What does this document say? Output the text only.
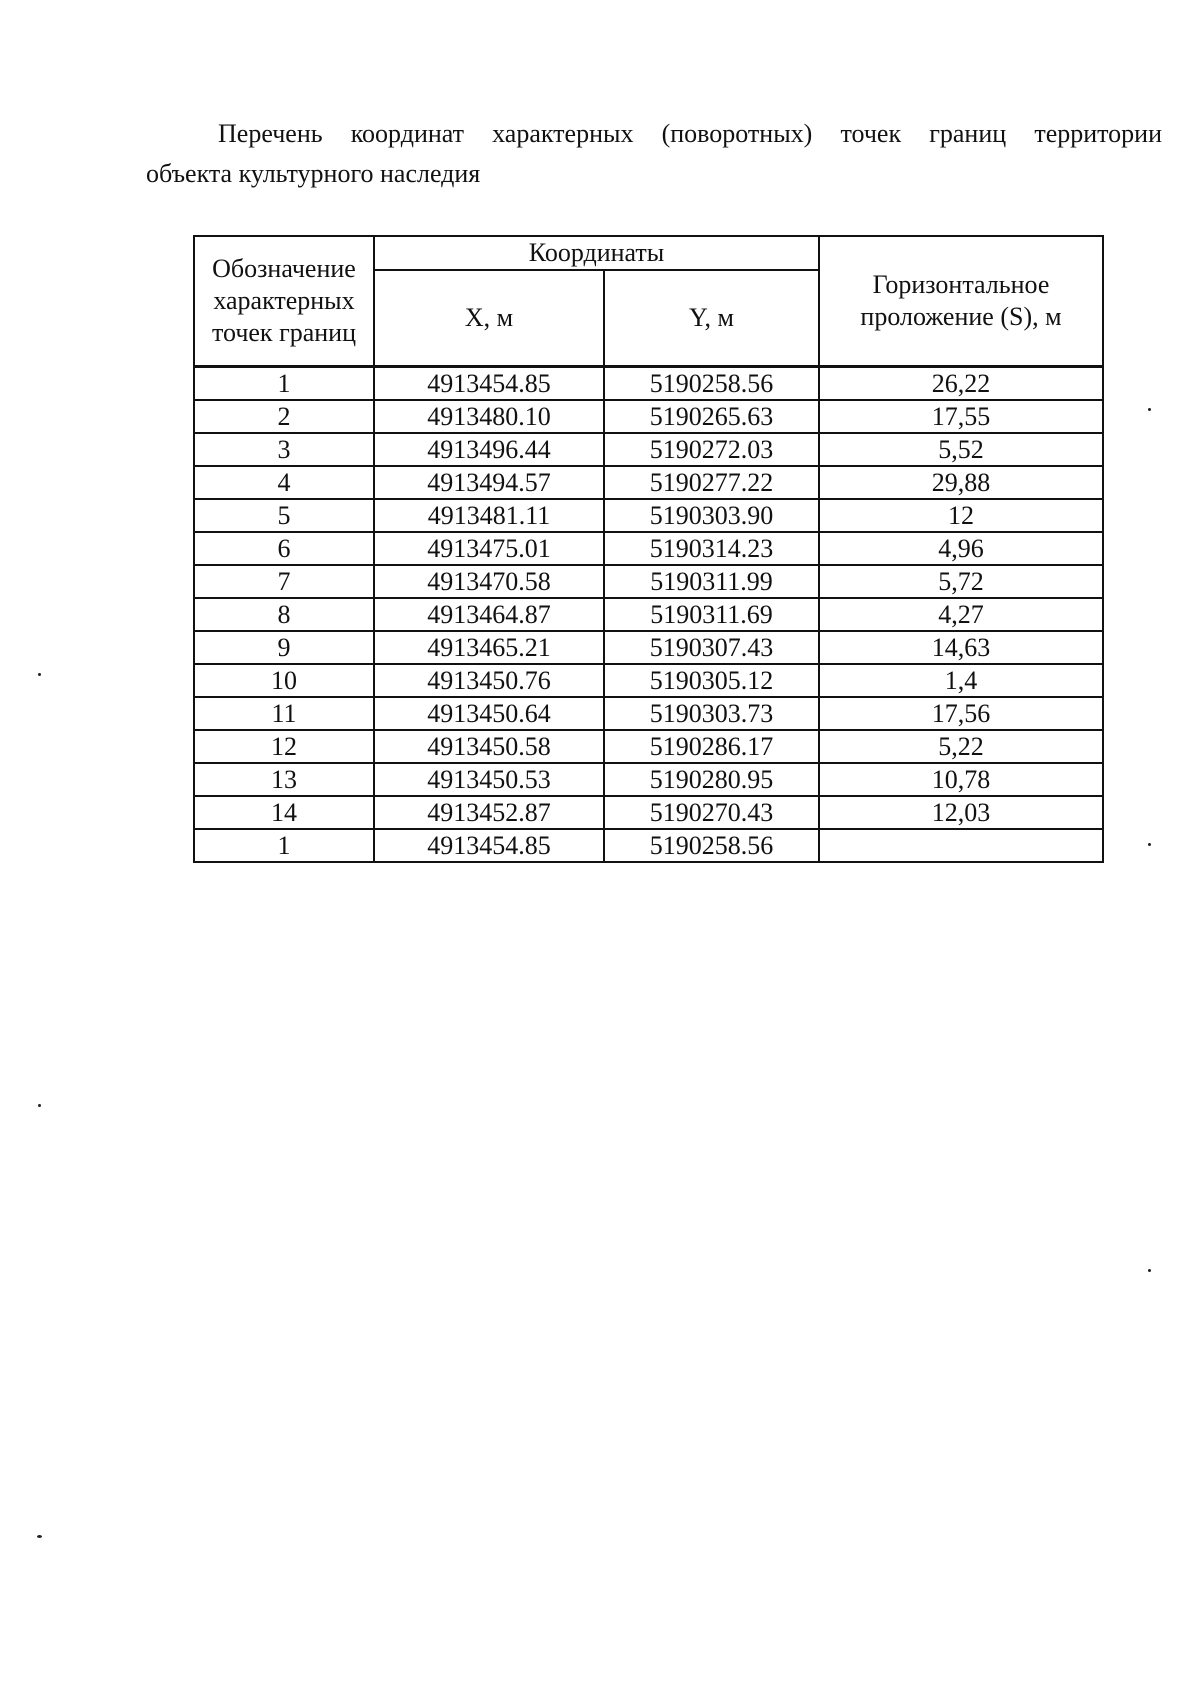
Перечень координат характерных (поворотных) точек границ территории
объекта культурного наследия
Обозначение характерных точек границ	Координаты		Горизонтальное проложение (S), м
	X, м	Y, м	
1	4913454.85	5190258.56	26,22
2	4913480.10	5190265.63	17,55
3	4913496.44	5190272.03	5,52
4	4913494.57	5190277.22	29,88
5	4913481.11	5190303.90	12
6	4913475.01	5190314.23	4,96
7	4913470.58	5190311.99	5,72
8	4913464.87	5190311.69	4,27
9	4913465.21	5190307.43	14,63
10	4913450.76	5190305.12	1,4
11	4913450.64	5190303.73	17,56
12	4913450.58	5190286.17	5,22
13	4913450.53	5190280.95	10,78
14	4913452.87	5190270.43	12,03
1	4913454.85	5190258.56	
